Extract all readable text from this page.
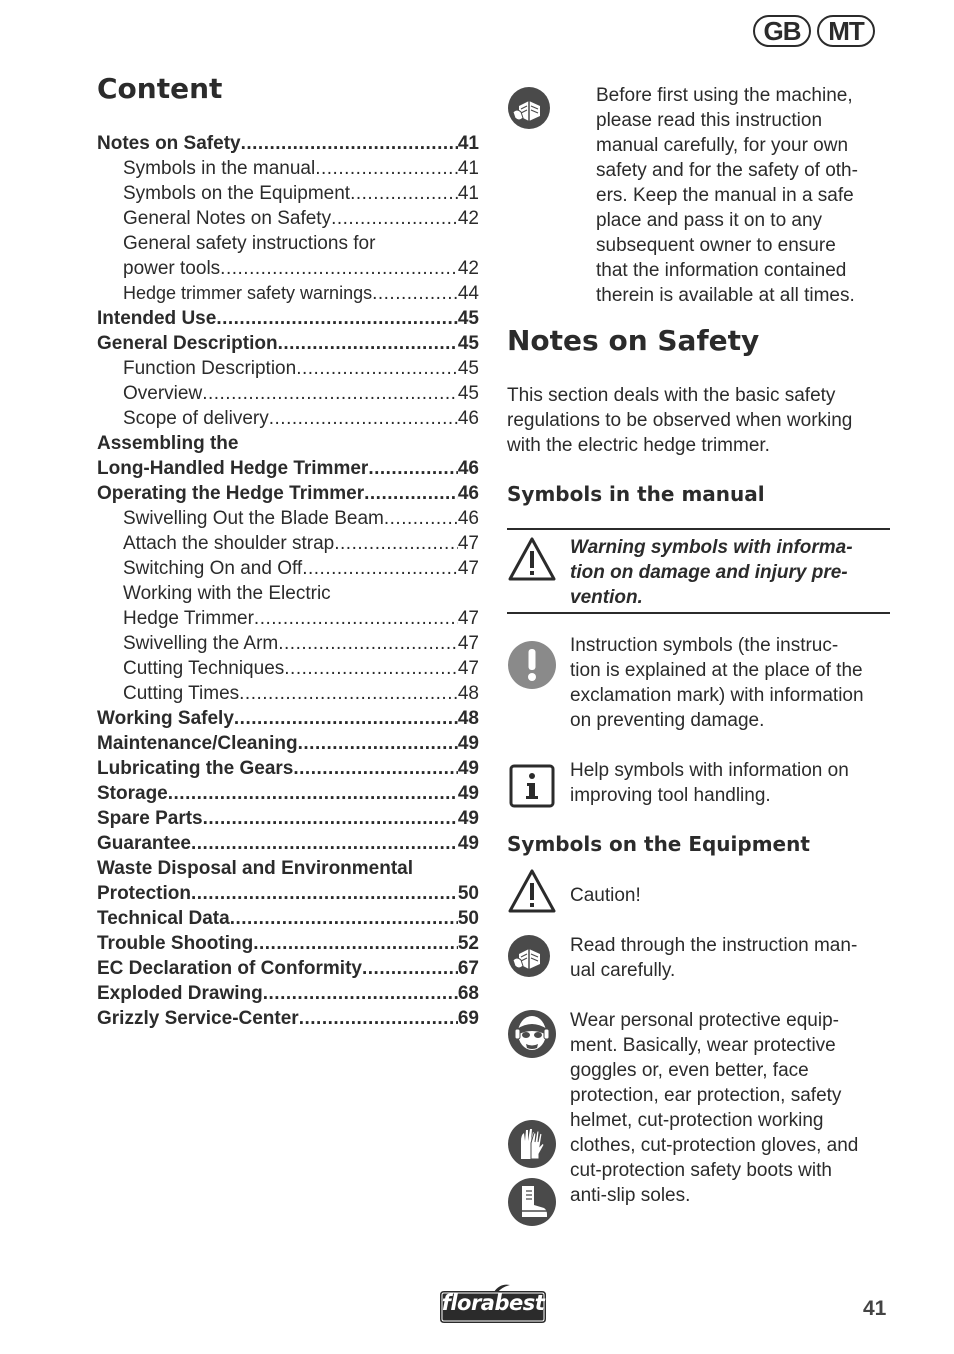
GB	MT
Content
Notes on Safety .....	41
Symbols in the manual .....	41
Symbols on the Equipment .....	41
General Notes on Safety .....	42
General safety instructions for
power tools .....	42
Hedge trimmer safety warnings .....	44
Intended Use .....	45
General Description .....	45
Function Description .....	45
Overview .....	45
Scope of delivery .....	46
Assembling the
Long-Handled Hedge Trimmer .....	46
Operating the Hedge Trimmer .....	46
Swivelling Out the Blade Beam .....	46
Attach the shoulder strap .....	47
Switching On and Off .....	47
Working with the Electric
Hedge Trimmer .....	47
Swivelling the Arm .....	47
Cutting Techniques .....	47
Cutting Times .....	48
Working Safely .....	48
Maintenance/Cleaning .....	49
Lubricating the Gears .....	49
Storage .....	49
Spare Parts .....	49
Guarantee .....	49
Waste Disposal and Environmental
Protection .....	50
Technical Data .....	50
Trouble Shooting .....	52
EC Declaration of Conformity .....	67
Exploded Drawing .....	68
Grizzly Service-Center .....	69

Before first using the machine,

please read this instruction

manual carefully, for your own

safety and for the safety of oth-

ers. Keep the manual in a safe

place and pass it on to any

subsequent owner to ensure

that the information contained

therein is available at all times.

Notes on Safety

This section deals with the basic safety

regulations to be observed when working

with the electric hedge trimmer.

Symbols in the manual
Warning symbols with informa-
tion on damage and injury pre-
vention.

Instruction symbols (the instruc-

tion is explained at the place of the

exclamation mark) with information

on preventing damage.

Help symbols with information on

improving tool handling.

Symbols on the Equipment

Caution!

Read through the instruction man-

ual carefully.

Wear personal protective equip-

ment. Basically, wear protective

goggles or, even better, face

protection, ear protection, safety

helmet, cut-protection working

clothes, cut-protection gloves, and

cut-protection safety boots with

anti-slip soles.

florabest	41
